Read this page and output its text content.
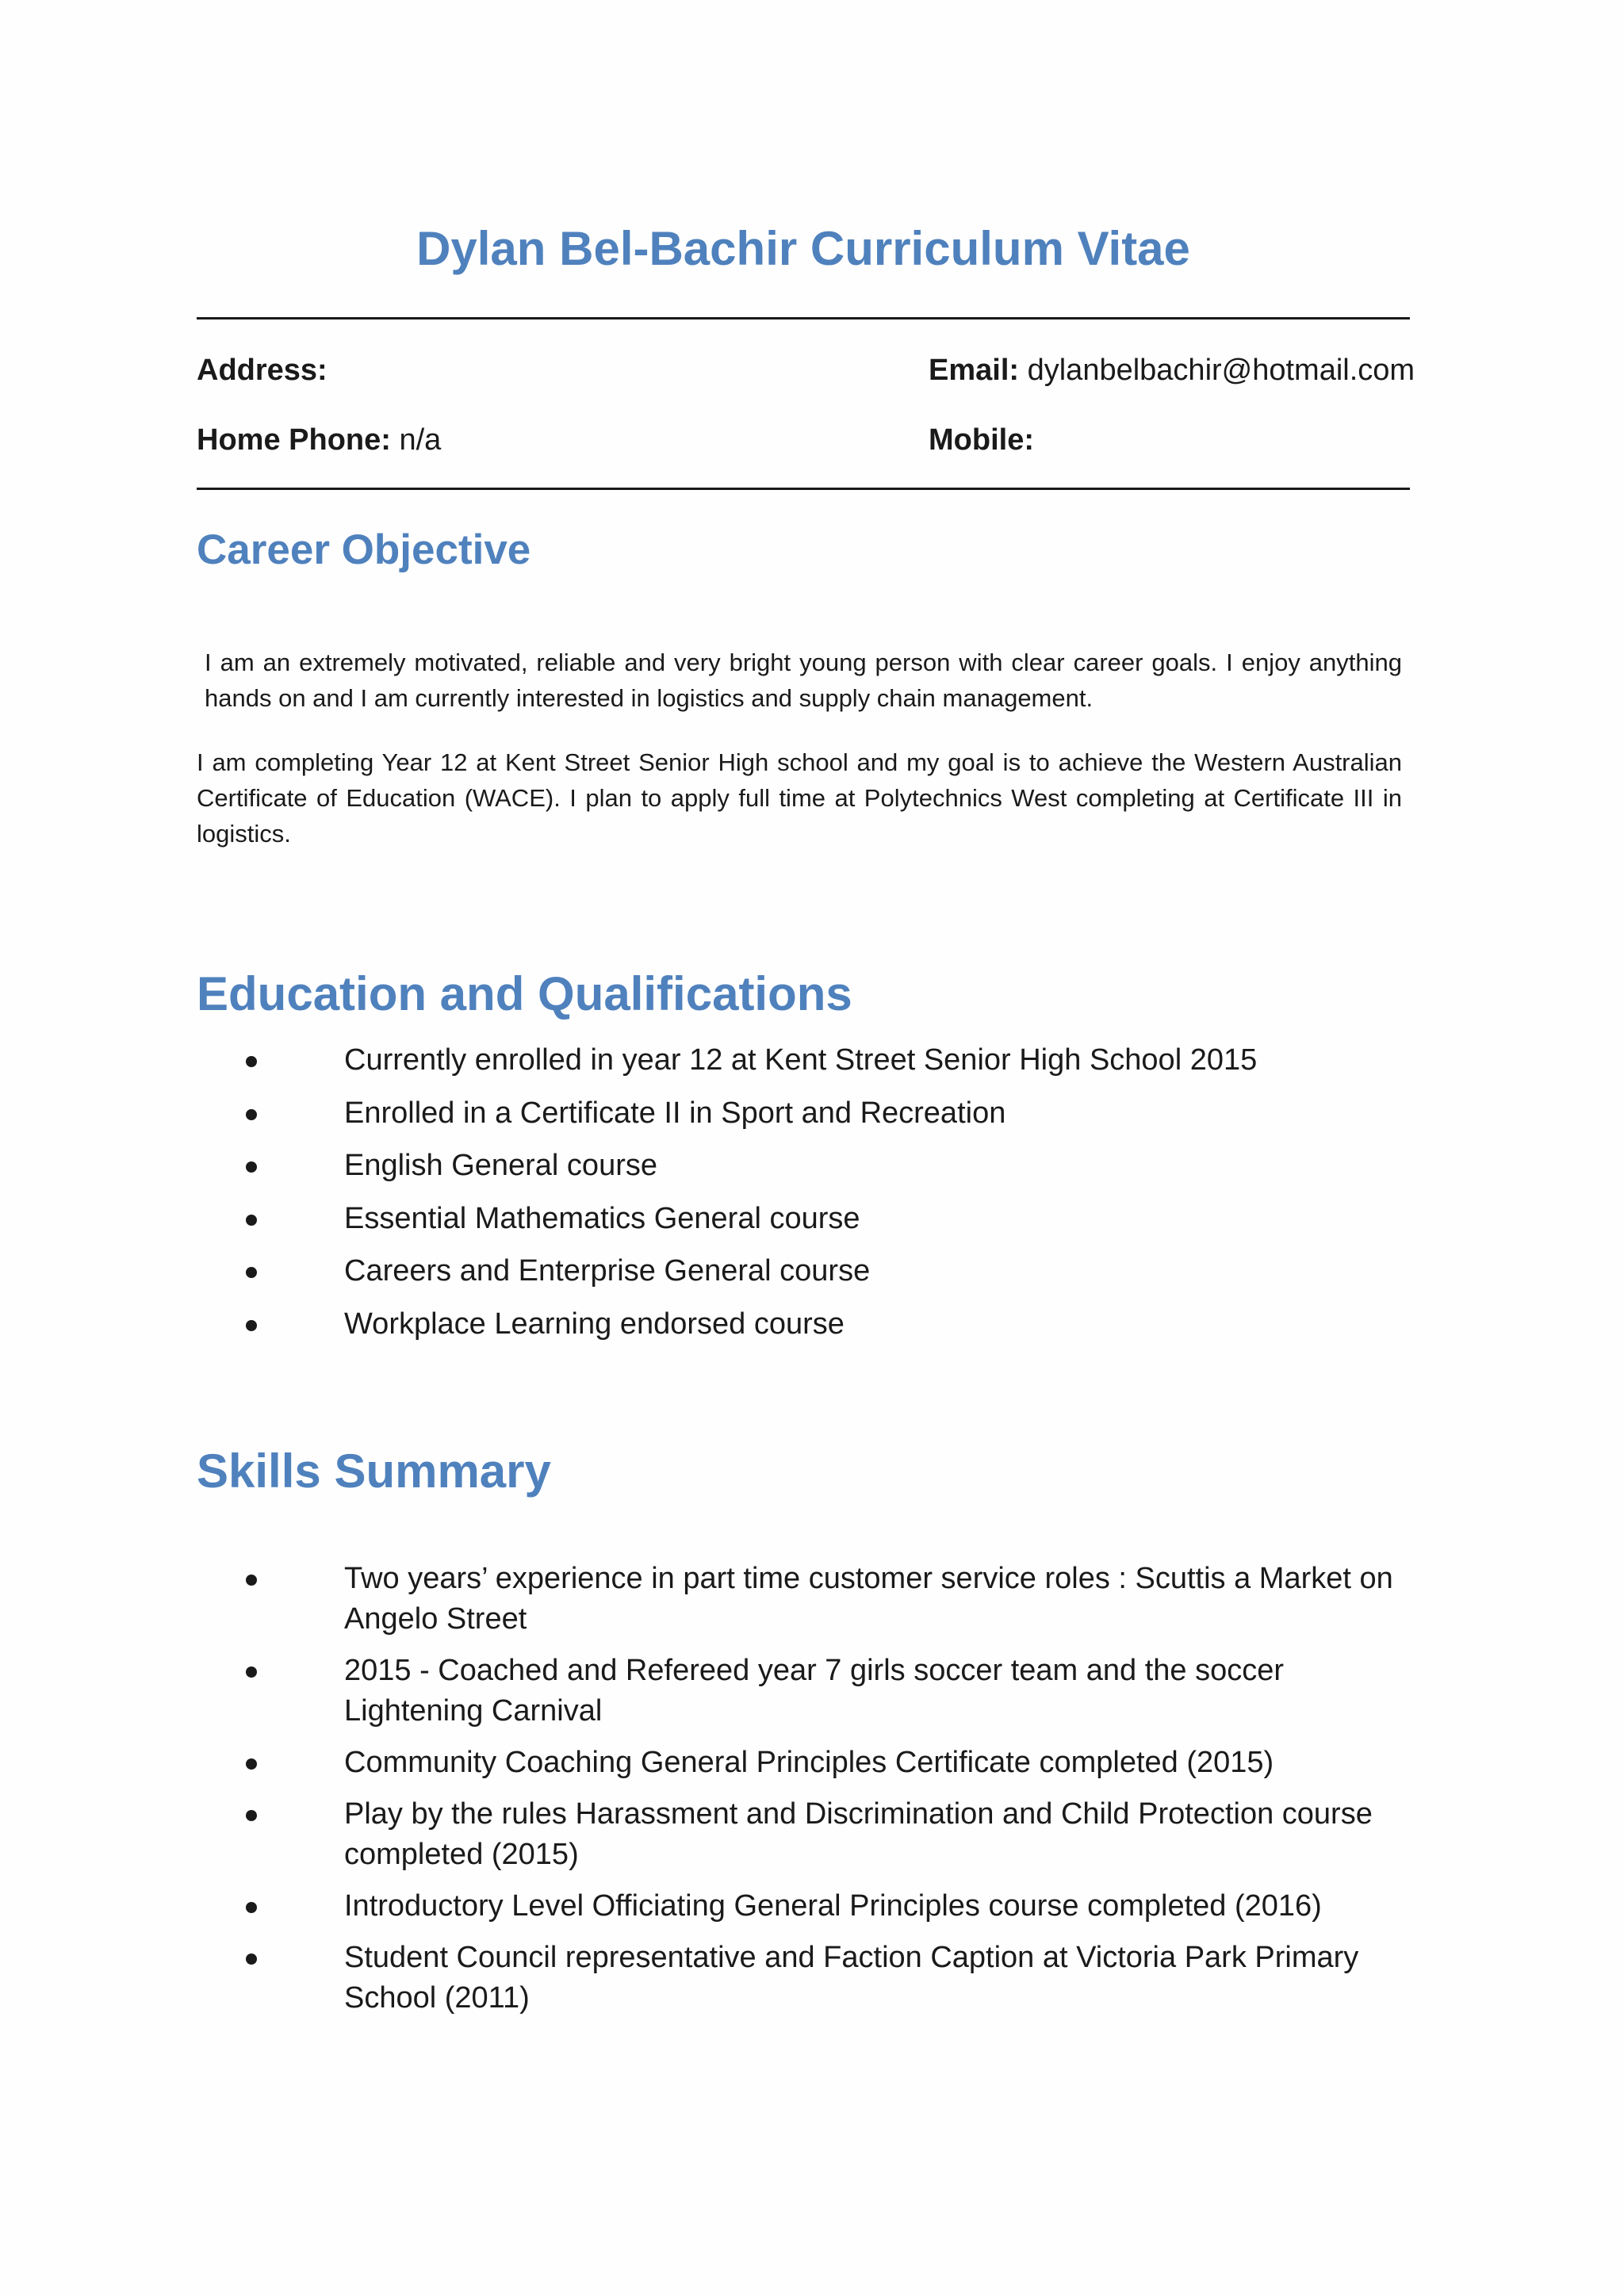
Dylan Bel-Bachir Curriculum Vitae
Address:	Email: dylanbelbachir@hotmail.com
Home Phone: n/a	Mobile:
Career Objective

I am an extremely motivated, reliable and very bright young person with clear career goals. I enjoy anything hands on and I am currently interested in logistics and supply chain management.

I am completing Year 12 at Kent Street Senior High school and my goal is to achieve the Western Australian Certificate of Education (WACE). I plan to apply full time at Polytechnics West completing at Certificate III in logistics.

Education and Qualifications
Currently enrolled in year 12 at Kent Street Senior High School 2015
Enrolled in a Certificate II in Sport and Recreation
English General course
Essential Mathematics General course
Careers and Enterprise General course
Workplace Learning endorsed course
Skills Summary
Two years’ experience in part time customer service roles : Scuttis a Market on Angelo Street
2015 - Coached and Refereed year 7 girls soccer team and the soccer Lightening Carnival
Community Coaching General Principles Certificate completed (2015)
Play by the rules Harassment and Discrimination and Child Protection course completed (2015)
Introductory Level Officiating General Principles course completed (2016)
Student Council representative and Faction Caption at Victoria Park Primary School (2011)
